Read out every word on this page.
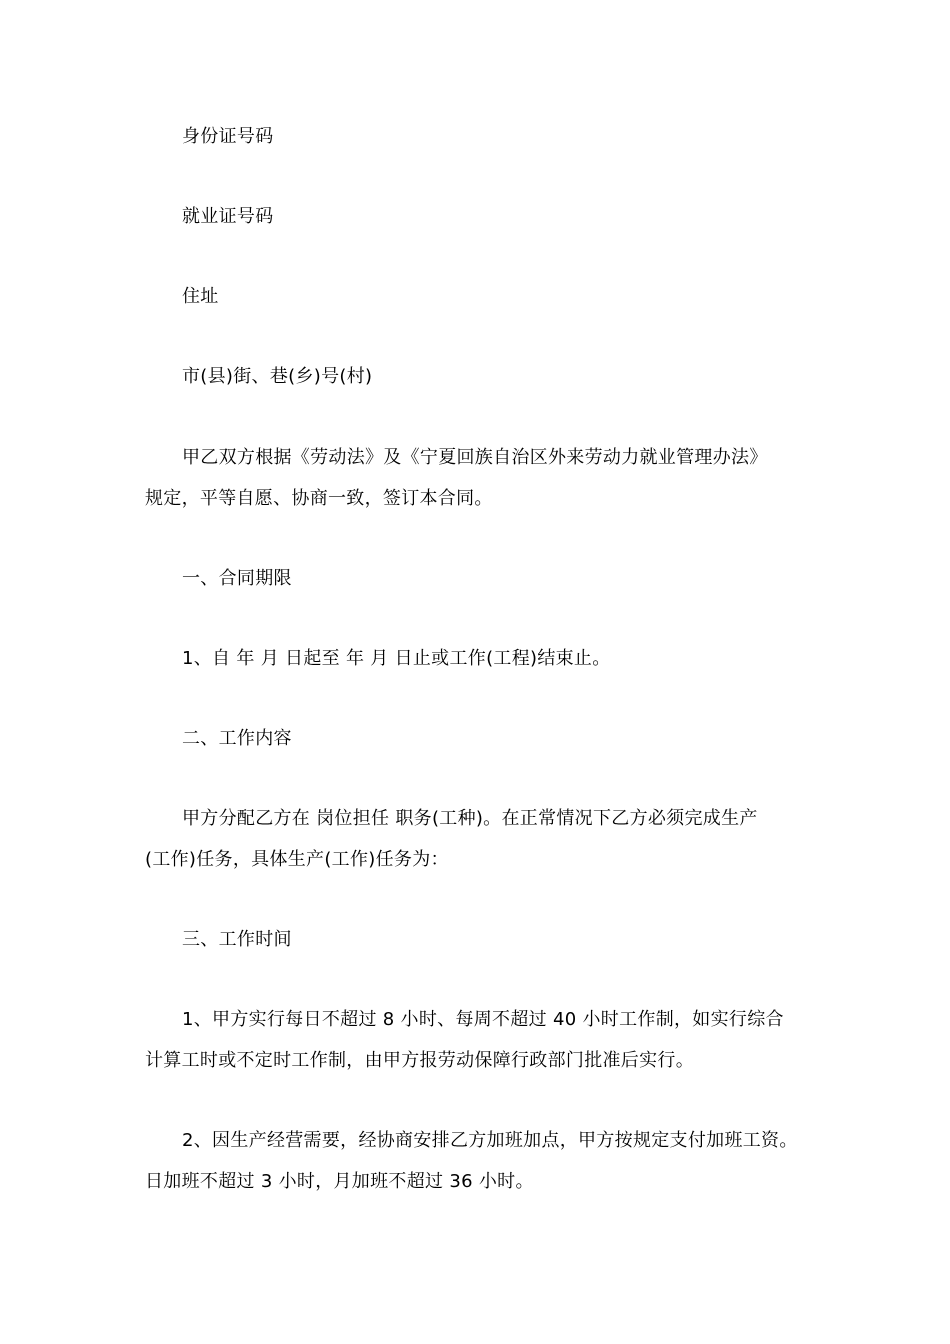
身份证号码
就业证号码
住址
市(县)街、巷(乡)号(村)
甲乙双方根据《劳动法》及《宁夏回族自治区外来劳动力就业管理办法》
规定，平等自愿、协商一致，签订本合同。
一、合同期限
1、自 年 月 日起至 年 月 日止或工作(工程)结束止。
二、工作内容
甲方分配乙方在 岗位担任 职务(工种)。在正常情况下乙方必须完成生产
(工作)任务，具体生产(工作)任务为：
三、工作时间
1、甲方实行每日不超过 8 小时、每周不超过 40 小时工作制，如实行综合
计算工时或不定时工作制，由甲方报劳动保障行政部门批准后实行。
2、因生产经营需要，经协商安排乙方加班加点，甲方按规定支付加班工资。
日加班不超过 3 小时，月加班不超过 36 小时。
